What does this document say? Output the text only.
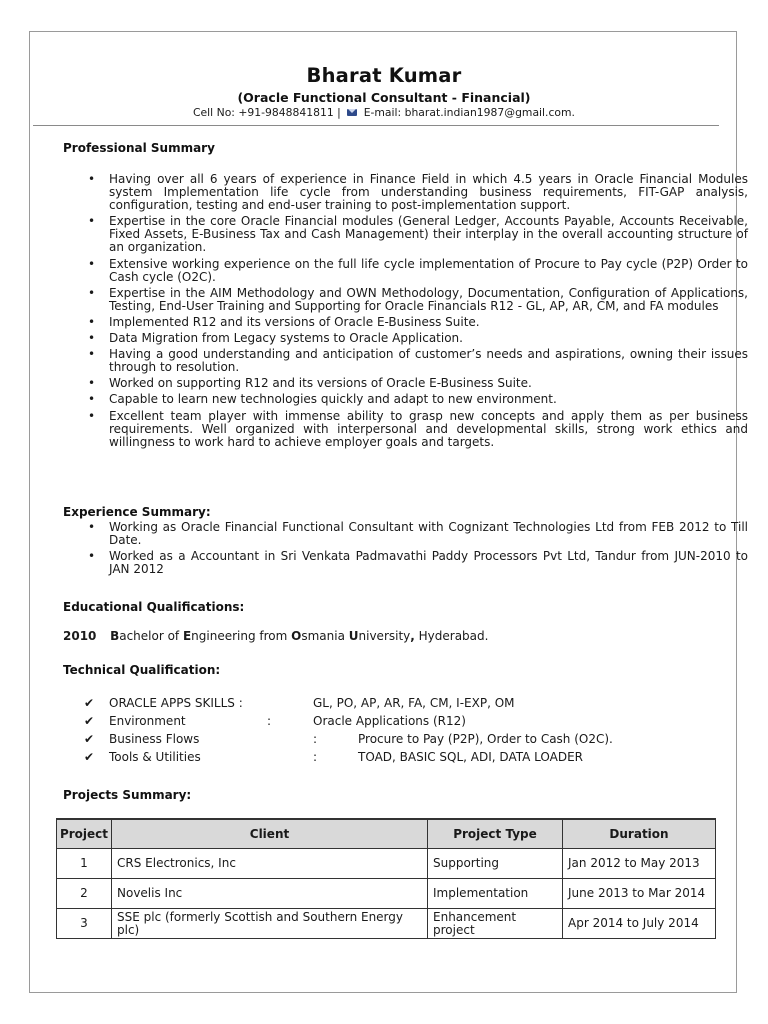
Bharat Kumar
(Oracle Functional Consultant - Financial)
Cell No: +91-9848841811 | E-mail: bharat.indian1987@gmail.com.
Professional Summary
• Having over all 6 years of experience in Finance Field in which 4.5 years in Oracle Financial Modules system Implementation life cycle from understanding business requirements, FIT-GAP analysis, configuration, testing and end-user training to post-implementation support.
• Expertise in the core Oracle Financial modules (General Ledger, Accounts Payable, Accounts Receivable, Fixed Assets, E-Business Tax and Cash Management) their interplay in the overall accounting structure of an organization.
• Extensive working experience on the full life cycle implementation of Procure to Pay cycle (P2P) Order to Cash cycle (O2C).
• Expertise in the AIM Methodology and OWN Methodology, Documentation, Configuration of Applications, Testing, End-User Training and Supporting for Oracle Financials R12 - GL, AP, AR, CM, and FA modules
• Implemented R12 and its versions of Oracle E-Business Suite.
• Data Migration from Legacy systems to Oracle Application.
• Having a good understanding and anticipation of customer’s needs and aspirations, owning their issues through to resolution.
• Worked on supporting R12 and its versions of Oracle E-Business Suite.
• Capable to learn new technologies quickly and adapt to new environment.
• Excellent team player with immense ability to grasp new concepts and apply them as per business requirements. Well organized with interpersonal and developmental skills, strong work ethics and willingness to work hard to achieve employer goals and targets.
Experience Summary:
• Working as Oracle Financial Functional Consultant with Cognizant Technologies Ltd from FEB 2012 to Till Date.
• Worked as a Accountant in Sri Venkata Padmavathi Paddy Processors Pvt Ltd, Tandur from JUN-2010 to JAN 2012
Educational Qualifications:
2010 Bachelor of Engineering from Osmania University, Hyderabad.
Technical Qualification:
✔ ORACLE APPS SKILLS :	GL, PO, AP, AR, FA, CM, I-EXP, OM
✔ Environment	:	Oracle Applications (R12)
✔ Business Flows	:	Procure to Pay (P2P), Order to Cash (O2C).
✔ Tools & Utilities	:	TOAD, BASIC SQL, ADI, DATA LOADER
Projects Summary:
Project	Client	Project Type	Duration
1	CRS Electronics, Inc	Supporting	Jan 2012 to May 2013
2	Novelis Inc	Implementation	June 2013 to Mar 2014
3	SSE plc (formerly Scottish and Southern Energy plc)	Enhancement project	Apr 2014 to July 2014
